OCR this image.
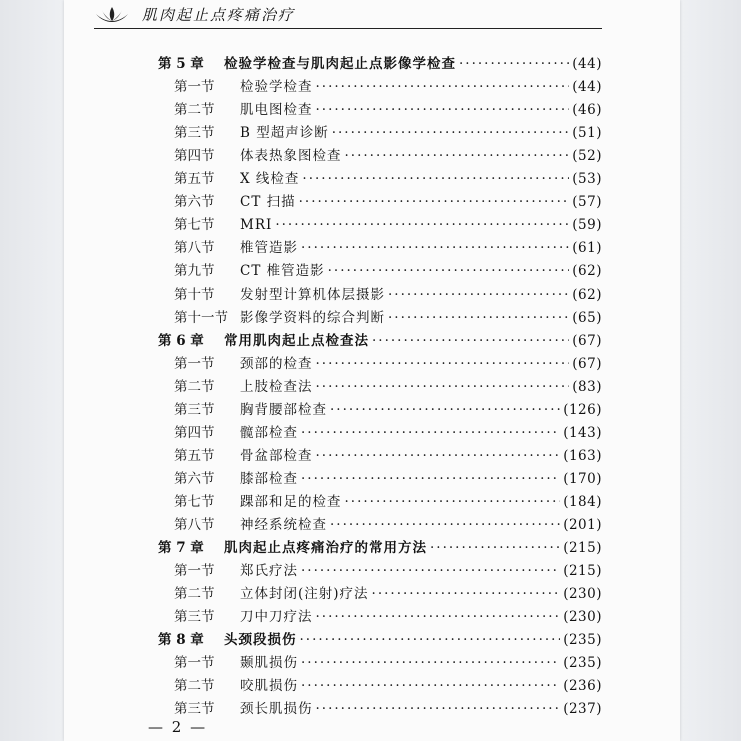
肌肉起止点疼痛治疗
第 5 章	检验学检查与肌肉起止点影像学检查 ·····	(44)
第一节	检验学检查 ·····	(44)
第二节	肌电图检查 ·····	(46)
第三节	B 型超声诊断 ·····	(51)
第四节	体表热象图检查 ·····	(52)
第五节	X 线检查 ·····	(53)
第六节	CT 扫描 ·····	(57)
第七节	MRI ·····	(59)
第八节	椎管造影 ·····	(61)
第九节	CT 椎管造影 ·····	(62)
第十节	发射型计算机体层摄影 ·····	(62)
第十一节 影像学资料的综合判断 ·····	(65)
第 6 章	常用肌肉起止点检查法 ·····	(67)
第一节	颈部的检查 ·····	(67)
第二节	上肢检查法 ·····	(83)
第三节	胸背腰部检查 ·····	(126)
第四节	髋部检查 ·····	(143)
第五节	骨盆部检查 ·····	(163)
第六节	膝部检查 ·····	(170)
第七节	踝部和足的检查 ·····	(184)
第八节	神经系统检查 ·····	(201)
第 7 章	肌肉起止点疼痛治疗的常用方法 ·····	(215)
第一节	郑氏疗法 ·····	(215)
第二节	立体封闭(注射)疗法 ·····	(230)
第三节	刀中刀疗法 ·····	(230)
第 8 章	头颈段损伤 ·····	(235)
第一节	颞肌损伤 ·····	(235)
第二节	咬肌损伤 ·····	(236)
第三节	颈长肌损伤 ·····	(237)
— 2 —
